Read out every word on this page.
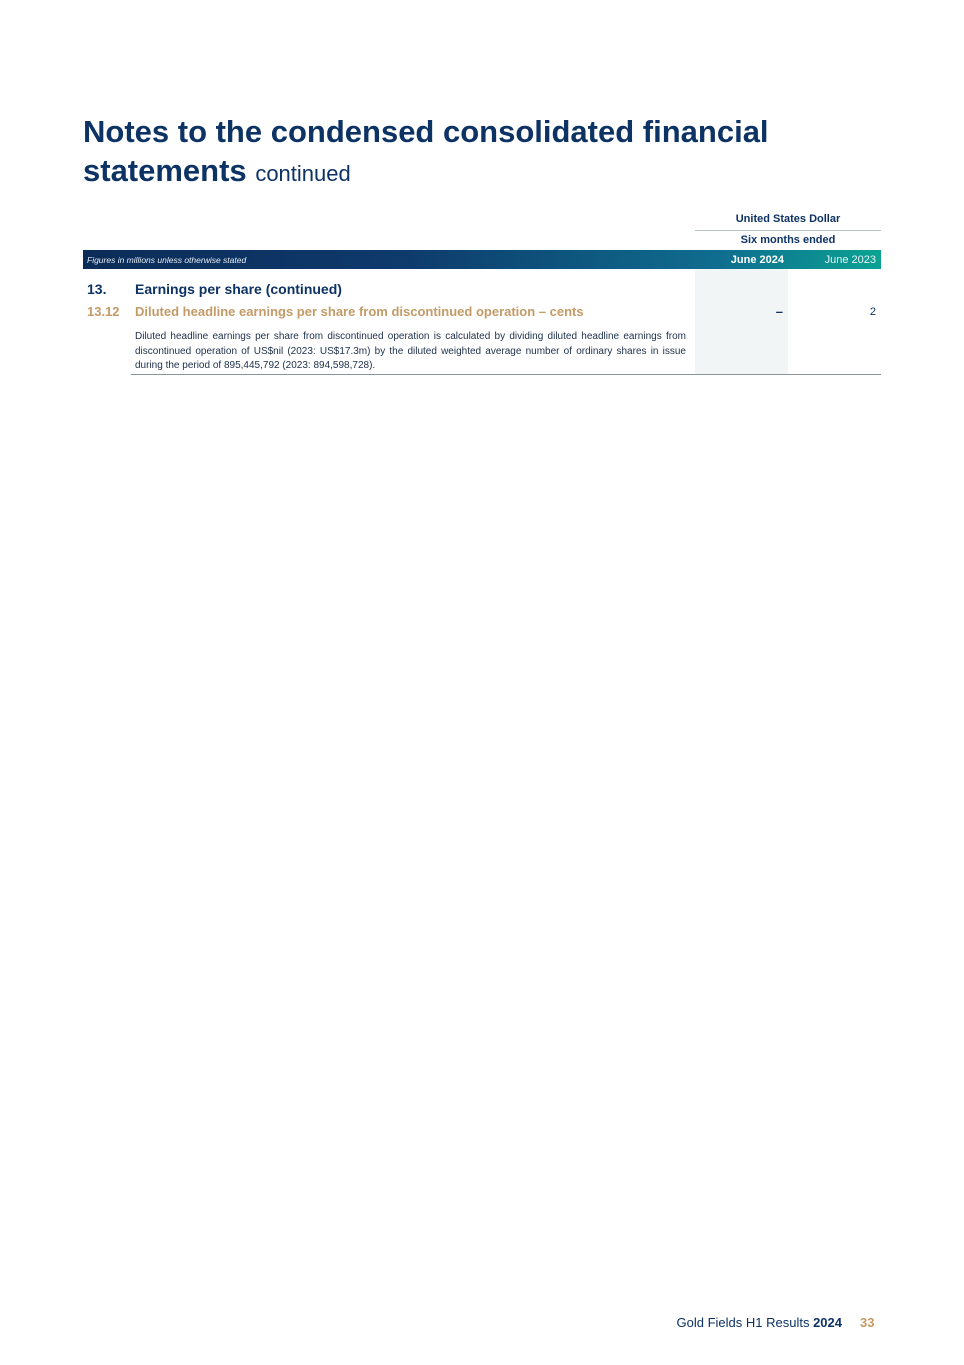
Notes to the condensed consolidated financial statements continued
United States Dollar
Six months ended
Figures in millions unless otherwise stated	June 2024	June 2023
13. Earnings per share (continued)
13.12 Diluted headline earnings per share from discontinued operation – cents	–	2
Diluted headline earnings per share from discontinued operation is calculated by dividing diluted headline earnings from discontinued operation of US$nil (2023: US$17.3m) by the diluted weighted average number of ordinary shares in issue during the period of 895,445,792 (2023: 894,598,728).
Gold Fields H1 Results 2024 33
